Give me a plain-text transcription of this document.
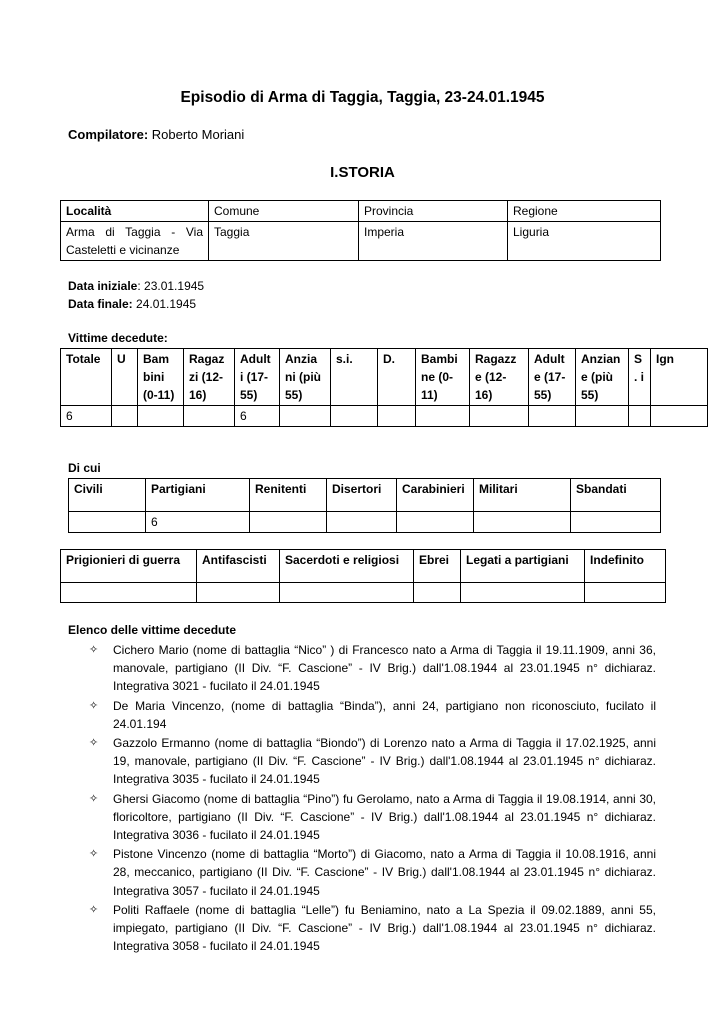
Episodio di Arma di Taggia, Taggia, 23-24.01.1945
Compilatore: Roberto Moriani
I.STORIA
Località	Comune	Provincia	Regione
Arma di Taggia - Via Casteletti e vicinanze	Taggia	Imperia	Liguria
Data iniziale: 23.01.1945
Data finale: 24.01.1945
Vittime decedute:
Totale	U	Bam bini (0-11)	Ragaz zi (12-16)	Adult i (17-55)	Anzia ni (più 55)	s.i.	D.	Bambi ne (0-11)	Ragazze (12-16)	Adult e (17-55)	Anzian e (più 55)	S. i	Ign
6				6									
Di cui
Civili	Partigiani	Renitenti	Disertori	Carabinieri	Militari	Sbandati
	6					
Prigionieri di guerra	Antifascisti	Sacerdoti e religiosi	Ebrei	Legati a partigiani	Indefinito

Elenco delle vittime decedute
✧ Cichero Mario (nome di battaglia “Nico” ) di Francesco nato a Arma di Taggia il 19.11.1909, anni 36, manovale, partigiano (II Div. “F. Cascione” - IV Brig.) dall'1.08.1944 al 23.01.1945 n° dichiaraz. Integrativa 3021 - fucilato il 24.01.1945
✧ De Maria Vincenzo, (nome di battaglia “Binda”), anni 24, partigiano non riconosciuto, fucilato il 24.01.194
✧ Gazzolo Ermanno (nome di battaglia “Biondo”) di Lorenzo nato a Arma di Taggia il 17.02.1925, anni 19, manovale, partigiano (II Div. “F. Cascione” - IV Brig.) dall'1.08.1944 al 23.01.1945 n° dichiaraz. Integrativa 3035 - fucilato il 24.01.1945
✧ Ghersi Giacomo (nome di battaglia “Pino”) fu Gerolamo, nato a Arma di Taggia il 19.08.1914, anni 30, floricoltore, partigiano (II Div. “F. Cascione” - IV Brig.) dall'1.08.1944 al 23.01.1945 n° dichiaraz. Integrativa 3036 - fucilato il 24.01.1945
✧ Pistone Vincenzo (nome di battaglia “Morto”) di Giacomo, nato a Arma di Taggia il 10.08.1916, anni 28, meccanico, partigiano (II Div. “F. Cascione” - IV Brig.) dall'1.08.1944 al 23.01.1945 n° dichiaraz. Integrativa 3057 - fucilato il 24.01.1945
✧ Politi Raffaele (nome di battaglia “Lelle”) fu Beniamino, nato a La Spezia il 09.02.1889, anni 55, impiegato, partigiano (II Div. “F. Cascione” - IV Brig.) dall'1.08.1944 al 23.01.1945 n° dichiaraz. Integrativa 3058 - fucilato il 24.01.1945
